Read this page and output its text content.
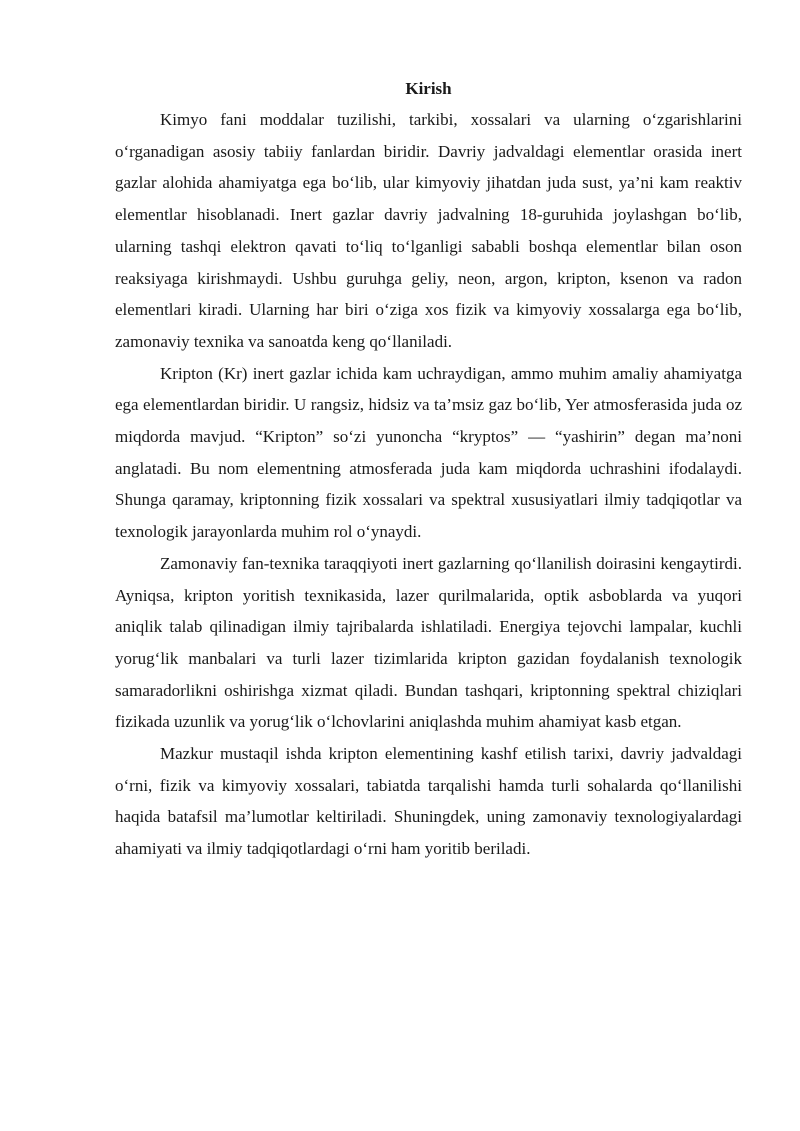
Kirish

Kimyo fani moddalar tuzilishi, tarkibi, xossalari va ularning o‘zgarishlarini o‘rganadigan asosiy tabiiy fanlardan biridir. Davriy jadvaldagi elementlar orasida inert gazlar alohida ahamiyatga ega bo‘lib, ular kimyoviy jihatdan juda sust, ya’ni kam reaktiv elementlar hisoblanadi. Inert gazlar davriy jadvalning 18-guruhida joylashgan bo‘lib, ularning tashqi elektron qavati to‘liq to‘lganligi sababli boshqa elementlar bilan oson reaksiyaga kirishmaydi. Ushbu guruhga geliy, neon, argon, kripton, ksenon va radon elementlari kiradi. Ularning har biri o‘ziga xos fizik va kimyoviy xossalarga ega bo‘lib, zamonaviy texnika va sanoatda keng qo‘llaniladi.

Kripton (Kr) inert gazlar ichida kam uchraydigan, ammo muhim amaliy ahamiyatga ega elementlardan biridir. U rangsiz, hidsiz va ta’msiz gaz bo‘lib, Yer atmosferasida juda oz miqdorda mavjud. “Kripton” so‘zi yunoncha “kryptos” — “yashirin” degan ma’noni anglatadi. Bu nom elementning atmosferada juda kam miqdorda uchrashini ifodalaydi. Shunga qaramay, kriptonning fizik xossalari va spektral xususiyatlari ilmiy tadqiqotlar va texnologik jarayonlarda muhim rol o‘ynaydi.

Zamonaviy fan-texnika taraqqiyoti inert gazlarning qo‘llanilish doirasini kengaytirdi. Ayniqsa, kripton yoritish texnikasida, lazer qurilmalarida, optik asboblarda va yuqori aniqlik talab qilinadigan ilmiy tajribalarda ishlatiladi. Energiya tejovchi lampalar, kuchli yorug‘lik manbalari va turli lazer tizimlarida kripton gazidan foydalanish texnologik samaradorlikni oshirishga xizmat qiladi. Bundan tashqari, kriptonning spektral chiziqlari fizikada uzunlik va yorug‘lik o‘lchovlarini aniqlashda muhim ahamiyat kasb etgan.

Mazkur mustaqil ishda kripton elementining kashf etilish tarixi, davriy jadvaldagi o‘rni, fizik va kimyoviy xossalari, tabiatda tarqalishi hamda turli sohalarda qo‘llanilishi haqida batafsil ma’lumotlar keltiriladi. Shuningdek, uning zamonaviy texnologiyalardagi ahamiyati va ilmiy tadqiqotlardagi o‘rni ham yoritib beriladi.
